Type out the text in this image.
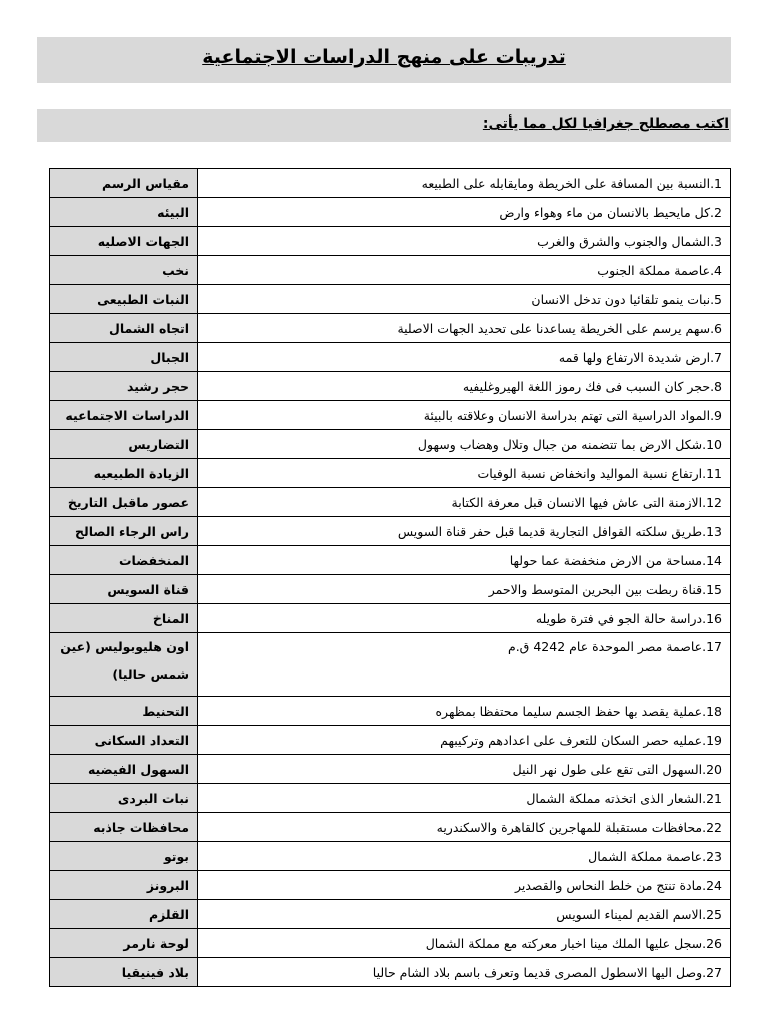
تدريبات على منهج الدراسات الاجتماعية
اكتب مصطلح جغرافيا لكل مما يأتى:
1.النسبة بين المسافة على الخريطة ومايقابله على الطبيعه	مقياس الرسم
2.كل مايحيط بالانسان من ماء وهواء وارض	البيئه
3.الشمال والجنوب والشرق والغرب	الجهات الاصليه
4.عاصمة مملكة الجنوب	نخب
5.نبات ينمو تلقائيا دون تدخل الانسان	النبات الطبيعى
6.سهم يرسم على الخريطة يساعدنا على تحديد الجهات الاصلية	اتجاه الشمال
7.ارض شديدة الارتفاع ولها قمه	الجبال
8.حجر كان السبب فى فك رموز اللغة الهيروغليفيه	حجر رشيد
9.المواد الدراسية التى تهتم بدراسة الانسان وعلاقته بالبيئة	الدراسات الاجتماعيه
10.شكل الارض بما تتضمنه من جبال وتلال وهضاب وسهول	التضاريس
11.ارتفاع نسبة المواليد وانخفاض نسبة الوفيات	الزيادة الطبيعيه
12.الازمنة التى عاش فيها الانسان قبل معرفة الكتابة	عصور ماقبل التاريخ
13.طريق سلكته القوافل التجارية قديما قبل حفر قناة السويس	راس الرجاء الصالح
14.مساحة من الارض منخفضة عما حولها	المنخفضات
15.قناة ربطت بين البحرين المتوسط والاحمر	قناة السويس
16.دراسة حالة الجو في فترة طويله	المناخ
17.عاصمة مصر الموحدة عام 4242 ق.م	اون هليوبوليس (عين شمس حاليا)
18.عملية يقصد بها حفظ الجسم سليما محتفظا بمظهره	التحنيط
19.عمليه حصر السكان للتعرف على اعدادهم وتركيبهم	التعداد السكانى
20.السهول التى تقع على طول نهر النيل	السهول الفيضيه
21.الشعار الذى اتخذته مملكة الشمال	نبات البردى
22.محافظات مستقبلة للمهاجرين كالقاهرة والاسكندريه	محافظات جاذبه
23.عاصمة مملكة الشمال	بوتو
24.مادة تنتج من خلط النحاس والقصدير	البرونز
25.الاسم القديم لميناء السويس	القلزم
26.سجل عليها الملك مينا اخبار معركته مع مملكة الشمال	لوحة نارمر
27.وصل اليها الاسطول المصرى قديما وتعرف باسم بلاد الشام حاليا	بلاد فينيقيا
